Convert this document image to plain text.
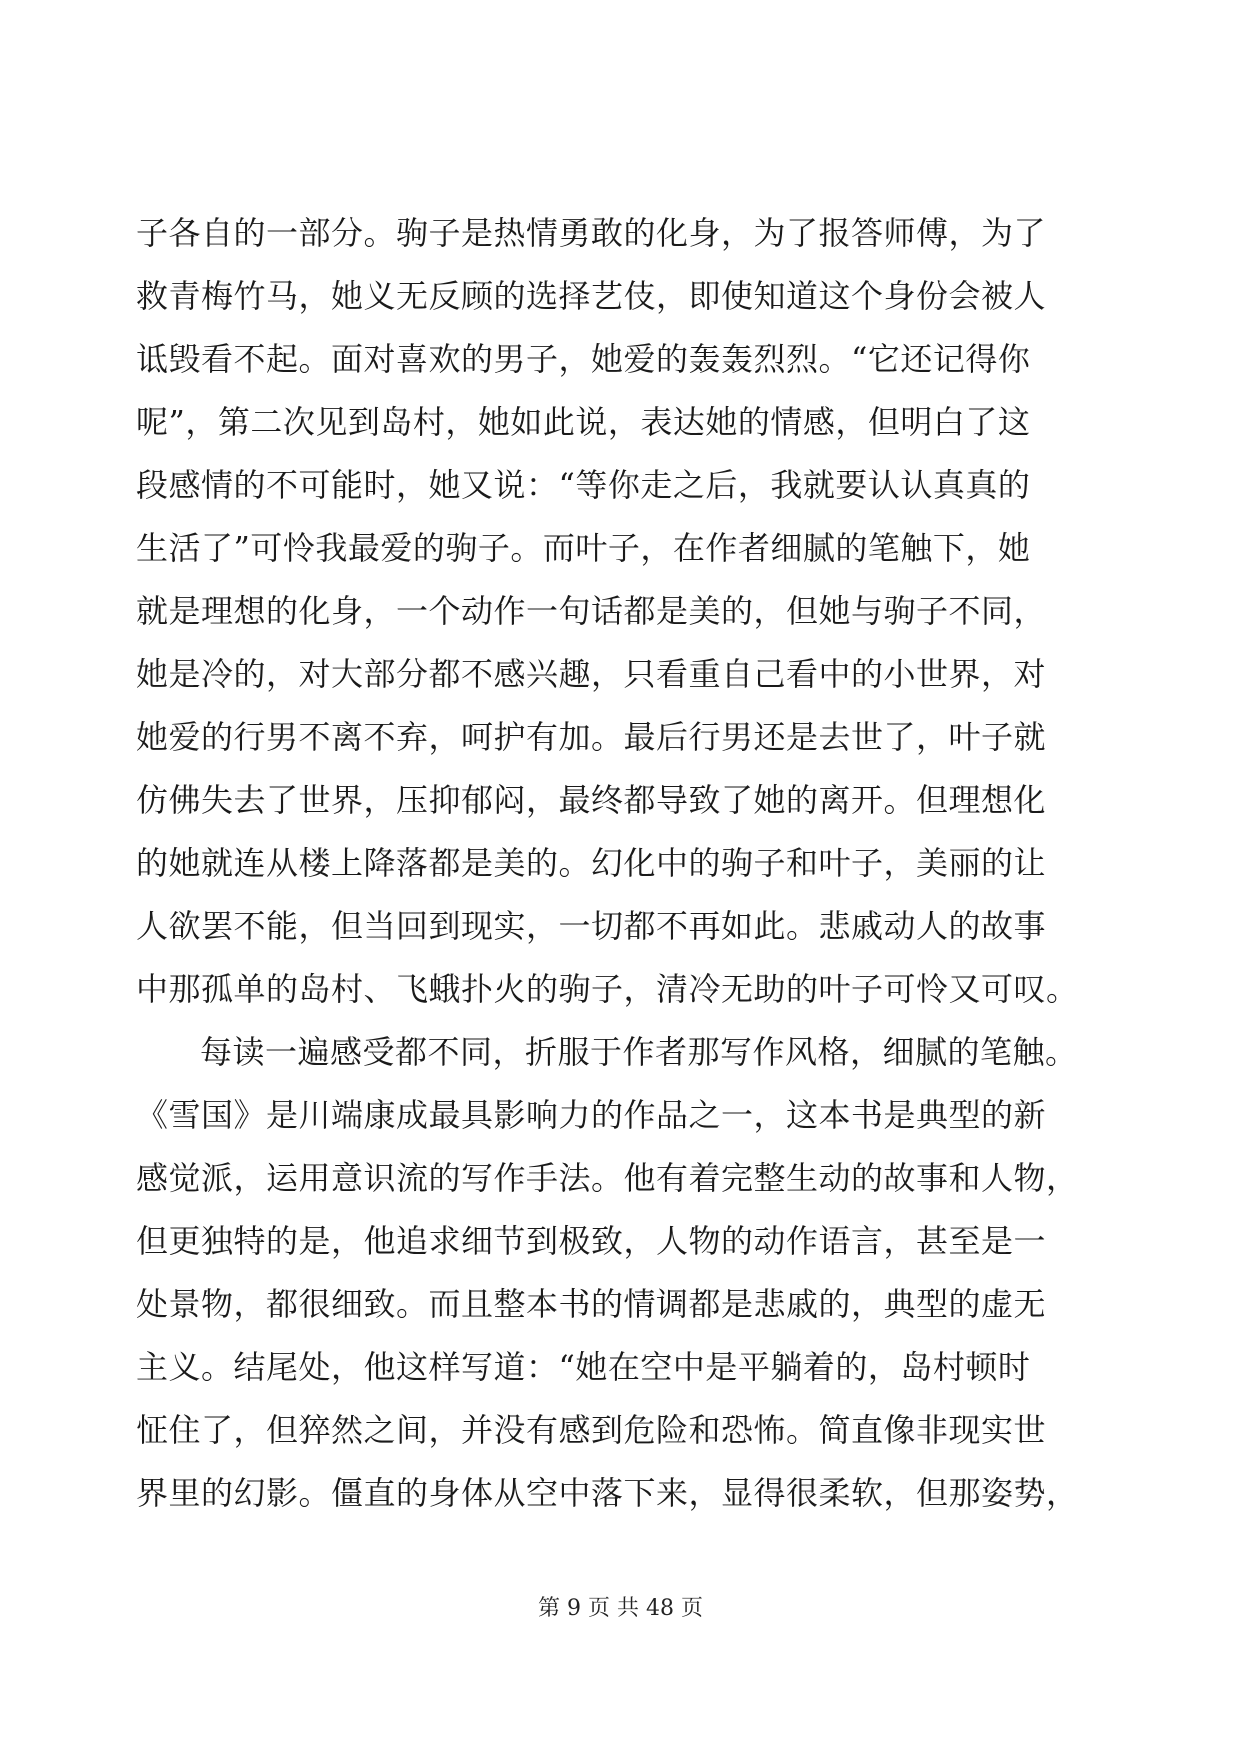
子各自的一部分。驹子是热情勇敢的化身，为了报答师傅，为了
救青梅竹马，她义无反顾的选择艺伎，即使知道这个身份会被人
诋毁看不起。面对喜欢的男子，她爱的轰轰烈烈。“它还记得你
呢”，第二次见到岛村，她如此说，表达她的情感，但明白了这
段感情的不可能时，她又说：“等你走之后，我就要认认真真的
生活了”可怜我最爱的驹子。而叶子，在作者细腻的笔触下，她
就是理想的化身，一个动作一句话都是美的，但她与驹子不同，
她是冷的，对大部分都不感兴趣，只看重自己看中的小世界，对
她爱的行男不离不弃，呵护有加。最后行男还是去世了，叶子就
仿佛失去了世界，压抑郁闷，最终都导致了她的离开。但理想化
的她就连从楼上降落都是美的。幻化中的驹子和叶子，美丽的让
人欲罢不能，但当回到现实，一切都不再如此。悲戚动人的故事
中那孤单的岛村、飞蛾扑火的驹子，清冷无助的叶子可怜又可叹。
每读一遍感受都不同，折服于作者那写作风格，细腻的笔触。
《雪国》是川端康成最具影响力的作品之一，这本书是典型的新
感觉派，运用意识流的写作手法。他有着完整生动的故事和人物，
但更独特的是，他追求细节到极致，人物的动作语言，甚至是一
处景物，都很细致。而且整本书的情调都是悲戚的，典型的虚无
主义。结尾处，他这样写道：“她在空中是平躺着的，岛村顿时
怔住了，但猝然之间，并没有感到危险和恐怖。简直像非现实世
界里的幻影。僵直的身体从空中落下来，显得很柔软，但那姿势，
第 9 页 共 48 页
